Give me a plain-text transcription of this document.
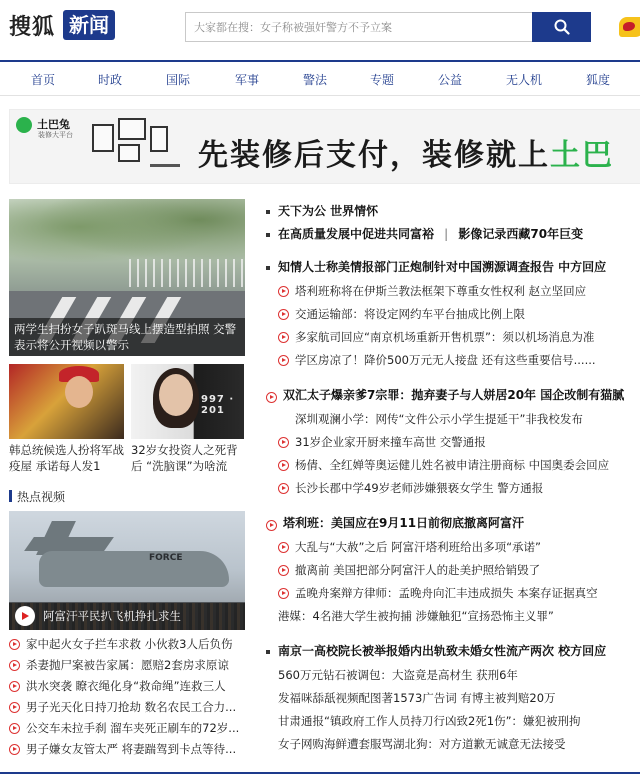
搜狐 新闻
大家都在搜：女子称被强奸警方不予立案
首页	时政	国际	军事	警法	专题	公益	无人机	狐度
土巴兔
装修大平台
先装修后支付，装修就上土巴
两学生扫扮女子趴斑马线上摆造型拍照 交警表示将公开视频以警示
997 · 201
韩总统候选人扮将军战疫屋 承诺每人发1
32岁女投资人之死背后 “洗脑课”为啥流
热点视频
FORCE
阿富汗平民扒飞机挣扎求生
家中起火女子拦车求救 小伙救3人后负伤
杀妻抛尸案被告家属：愿赔2套房求原谅
洪水突袭 瞭衣绳化身“救命绳”连救三人
男子光天化日持刀抢劫 数名农民工合力...
公交车未拉手刹 溜车夹死正刷车的72岁...
男子嫌女友管太严 将妻踹驾到卡点等待...
天下为公 世界情怀
在高质量发展中促进共同富裕 | 影像记录西藏70年巨变
知情人士称美情报部门正炮制针对中国溯源调查报告 中方回应
塔利班称将在伊斯兰教法框架下尊重女性权利 赵立坚回应
交通运输部：将设定网约车平台抽成比例上限
多家航司回应“南京机场重新开售机票”：须以机场消息为准
学区房凉了！降价500万元无人接盘 还有这些重要信号......
双汇太子爆亲爹7宗罪：抛弃妻子与人姘居20年 国企改制有猫腻
深圳观澜小学：网传“文件公示小学生提延干”非我校发布
31岁企业家开厨来撞车高世 交警通报
杨倩、全红婵等奥运健儿姓名被申请注册商标 中国奥委会回应
长沙长郡中学49岁老师涉嫌猥亵女学生 警方通报
塔利班：美国应在9月11日前彻底撤离阿富汗
大乱与“大赦”之后 阿富汗塔利班给出多项“承诺”
撤离前 美国把部分阿富汗人的赴美护照给销毁了
孟晚舟案辩方律师：孟晚舟向汇丰违成损失 本案存证据真空
港媒：4名港大学生被拘捕 涉嫌触犯“宣扬恐怖主义罪”
南京一高校院长被举报婚内出轨致未婚女性流产两次 校方回应
560万元钻石被调包：大盗竟是高材生 获刑6年
发福咪舔舐视频配图著1573广告词 有博主被判赔20万
甘肃通报“镇政府工作人员持刀行凶致2死1伤”：嫌犯被刑拘
女子网购海鲜遭套服骂湖北狗：对方道歉无诚意无法接受
